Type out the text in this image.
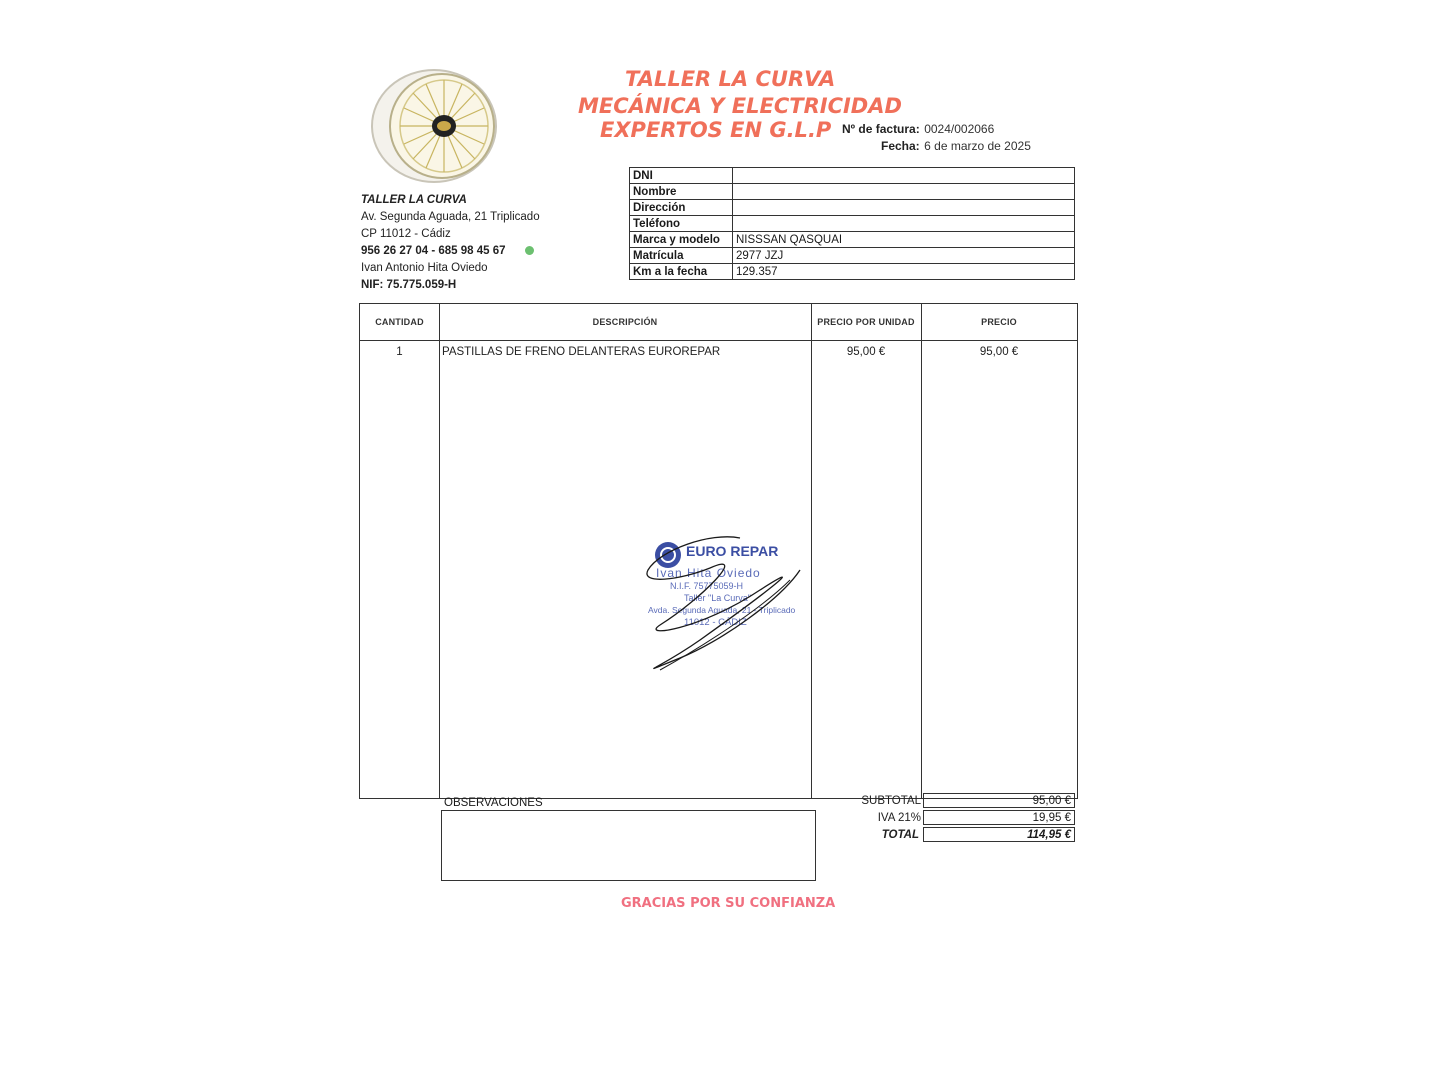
TALLER LA CURVA
MECÁNICA Y ELECTRICIDAD
EXPERTOS EN G.L.P Nº de factura: 0024/002066
Fecha: 6 de marzo de 2025
TALLER LA CURVA
Av. Segunda Aguada, 21 Triplicado
CP 11012 - Cádiz
956 26 27 04 - 685 98 45 67
Ivan Antonio Hita Oviedo
NIF: 75.775.059-H
DNI	
Nombre	
Dirección	
Teléfono	
Marca y modelo	NISSSAN QASQUAI
Matrícula	2977 JZJ
Km a la fecha	129.357
CANTIDAD	DESCRIPCIÓN	PRECIO POR UNIDAD	PRECIO
1	PASTILLAS DE FRENO DELANTERAS EUROREPAR	95,00 €	95,00 €
EURO REPAR
Ivan Hita Oviedo
N.I.F. 75775059-H
Taller "La Curva"
Avda. Segunda Aguada, 21 - Triplicado
11012 - CÁDIZ
OBSERVACIONES	SUBTOTAL	95,00 €
IVA 21%	19,95 €
TOTAL	114,95 €
GRACIAS POR SU CONFIANZA
